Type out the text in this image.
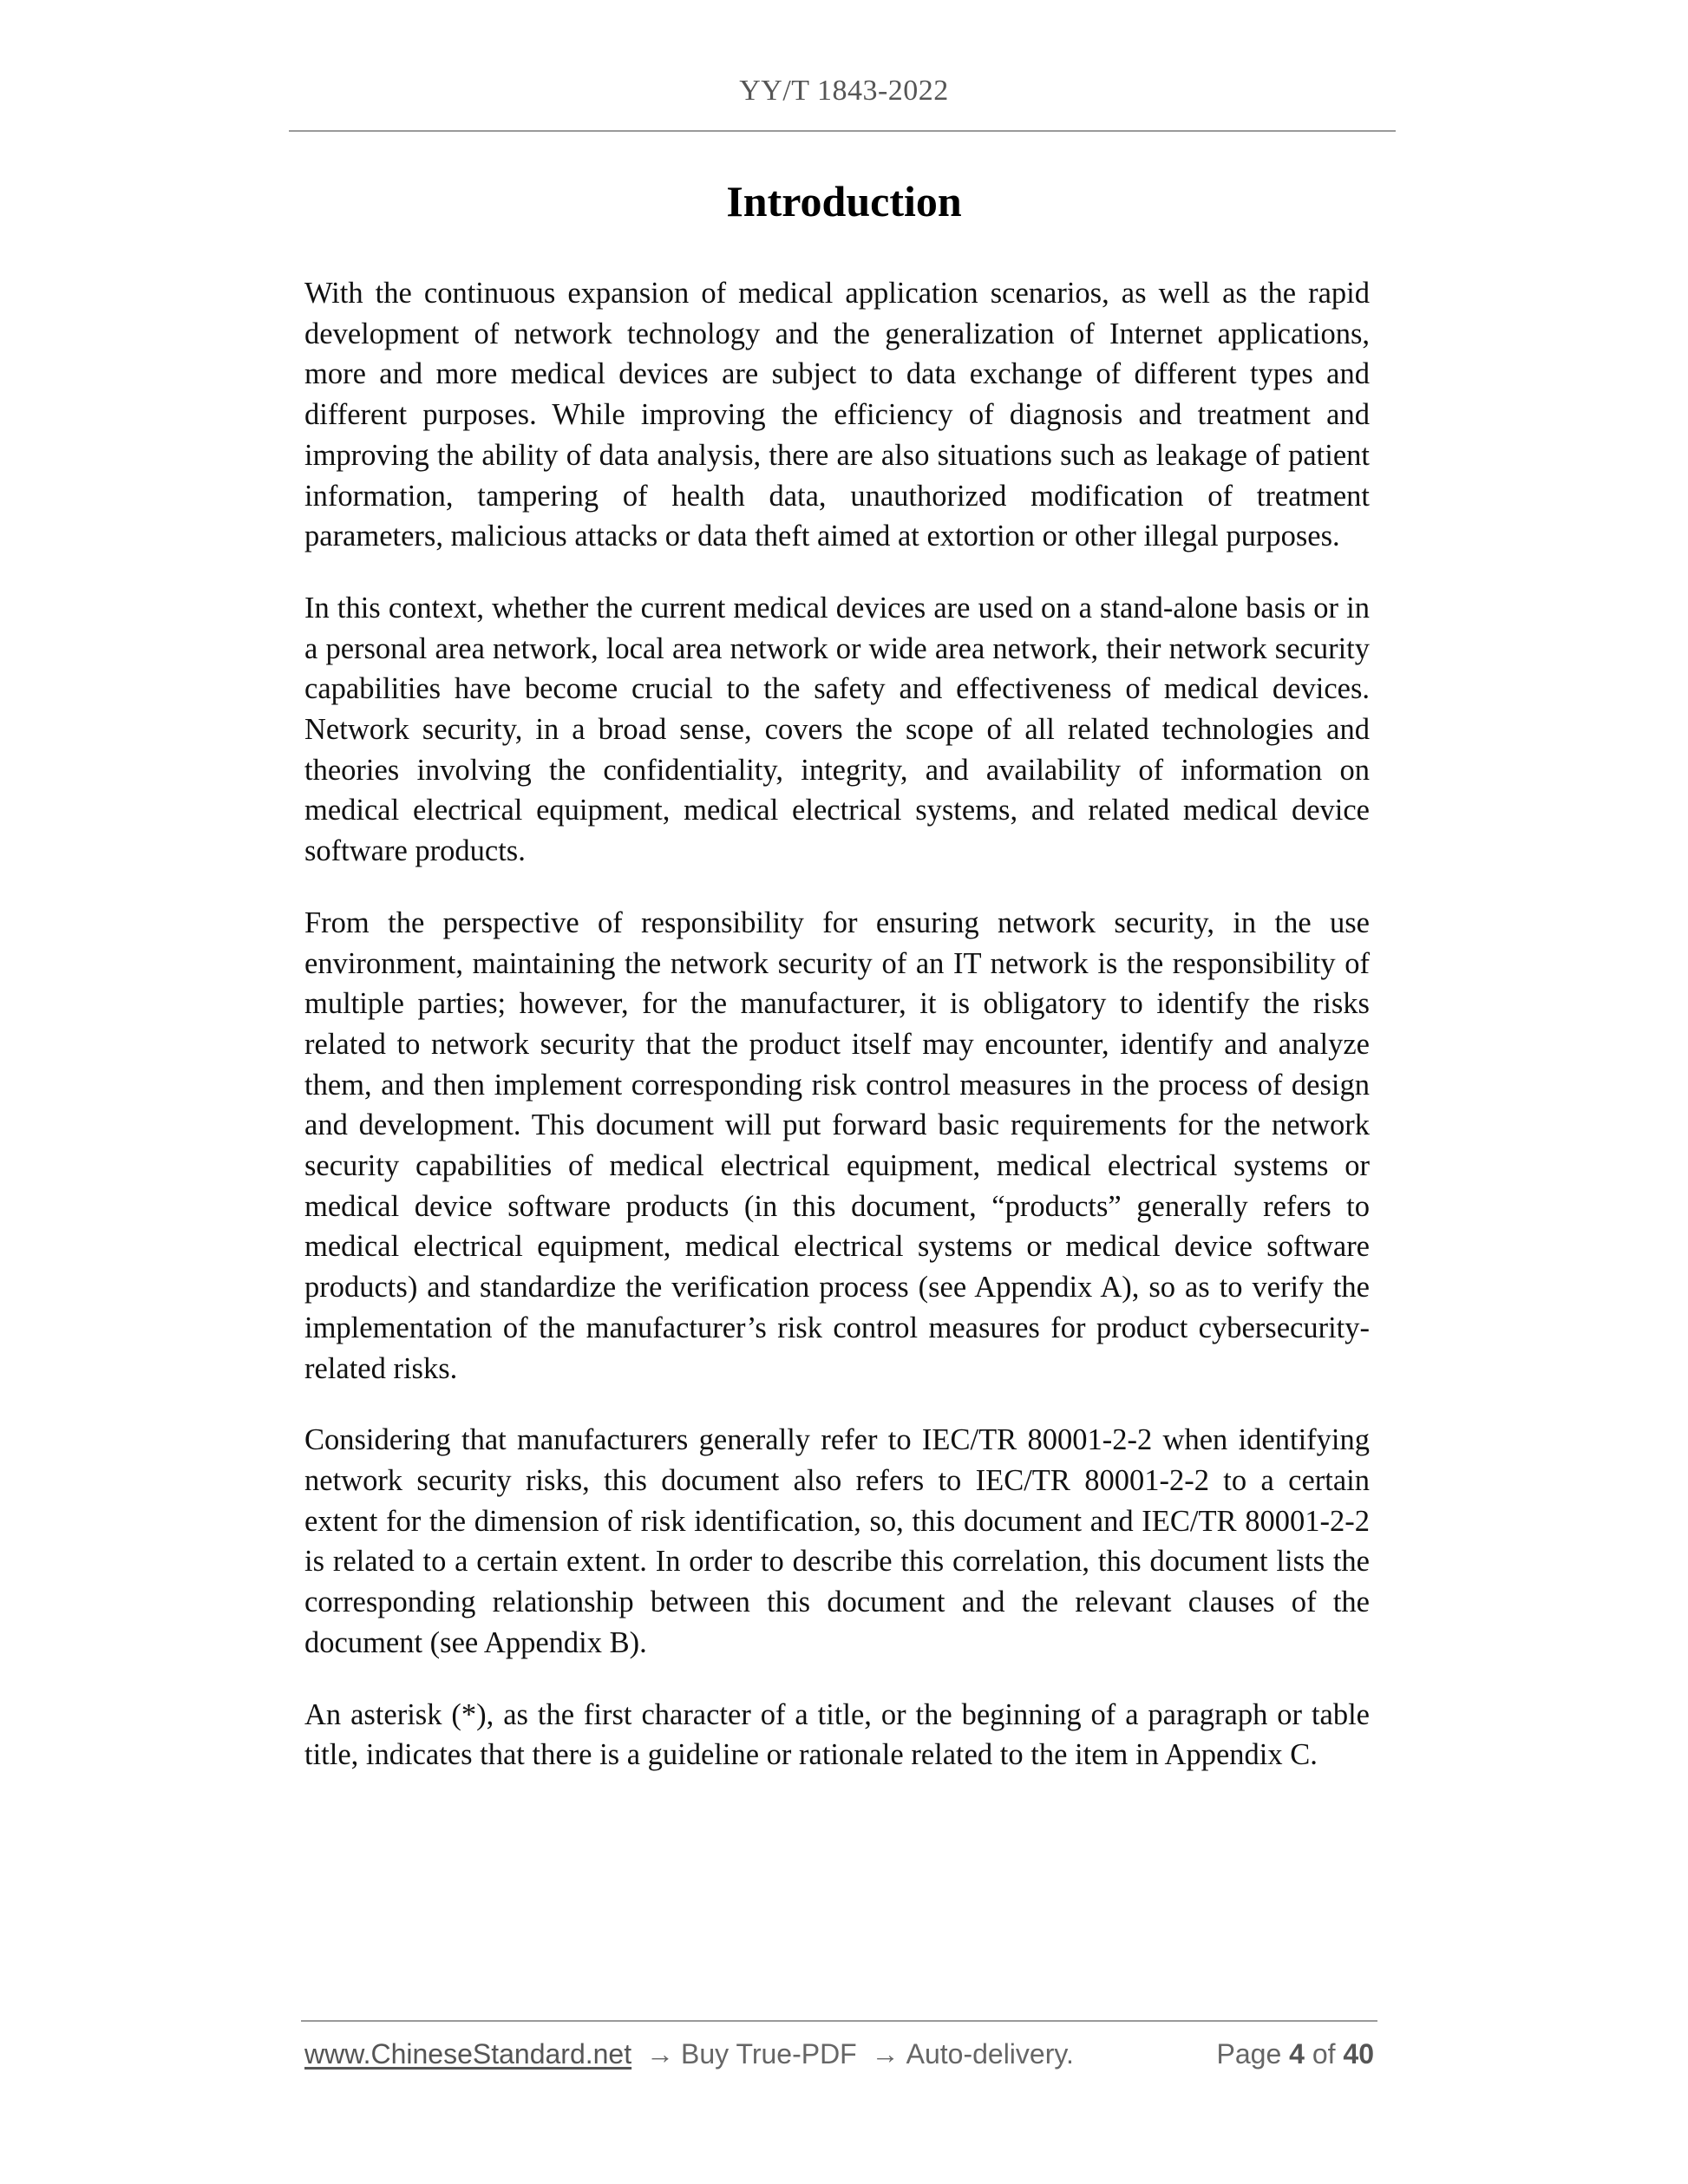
YY/T 1843-2022
Introduction

With the continuous expansion of medical application scenarios, as well as the rapid development of network technology and the generalization of Internet applications, more and more medical devices are subject to data exchange of different types and different purposes. While improving the efficiency of diagnosis and treatment and improving the ability of data analysis, there are also situations such as leakage of patient information, tampering of health data, unauthorized modification of treatment parameters, malicious attacks or data theft aimed at extortion or other illegal purposes.

In this context, whether the current medical devices are used on a stand-alone basis or in a personal area network, local area network or wide area network, their network security capabilities have become crucial to the safety and effectiveness of medical devices. Network security, in a broad sense, covers the scope of all related technologies and theories involving the confidentiality, integrity, and availability of information on medical electrical equipment, medical electrical systems, and related medical device software products.

From the perspective of responsibility for ensuring network security, in the use environment, maintaining the network security of an IT network is the responsibility of multiple parties; however, for the manufacturer, it is obligatory to identify the risks related to network security that the product itself may encounter, identify and analyze them, and then implement corresponding risk control measures in the process of design and development. This document will put forward basic requirements for the network security capabilities of medical electrical equipment, medical electrical systems or medical device software products (in this document, “products” generally refers to medical electrical equipment, medical electrical systems or medical device software products) and standardize the verification process (see Appendix A), so as to verify the implementation of the manufacturer’s risk control measures for product cybersecurity-related risks.

Considering that manufacturers generally refer to IEC/TR 80001-2-2 when identifying network security risks, this document also refers to IEC/TR 80001-2-2 to a certain extent for the dimension of risk identification, so, this document and IEC/TR 80001-2-2 is related to a certain extent. In order to describe this correlation, this document lists the corresponding relationship between this document and the relevant clauses of the document (see Appendix B).

An asterisk (*), as the first character of a title, or the beginning of a paragraph or table title, indicates that there is a guideline or rationale related to the item in Appendix C.

www.ChineseStandard.net → Buy True-PDF → Auto-delivery.	Page 4 of 40
